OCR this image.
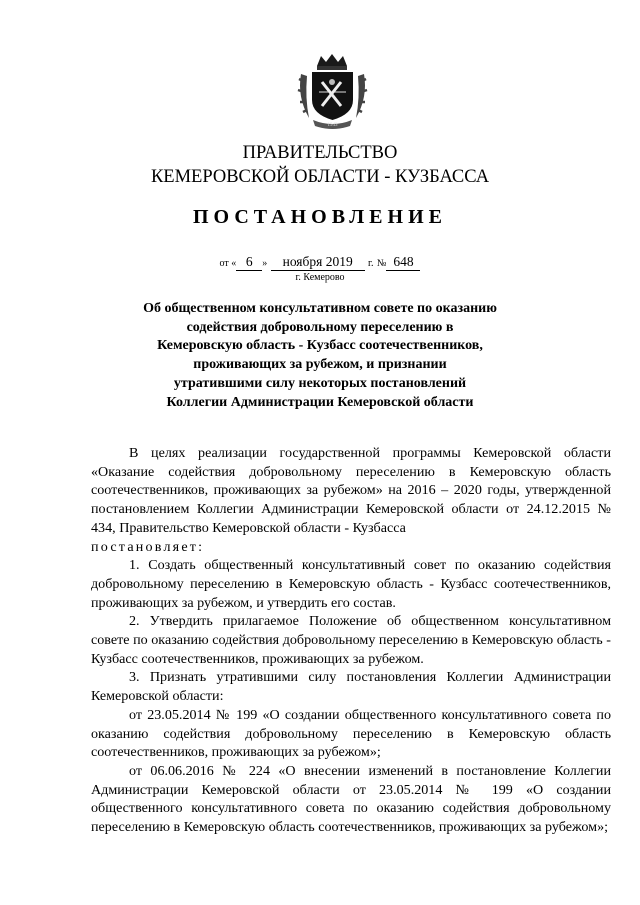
1943
ПРАВИТЕЛЬСТВО
КЕМЕРОВСКОЙ ОБЛАСТИ - КУЗБАССА
ПОСТАНОВЛЕНИЕ
от « 6 » ноября 2019 г. № 648
г. Кемерово
Об общественном консультативном совете по оказанию
содействия добровольному переселению в
Кемеровскую область - Кузбасс соотечественников,
проживающих за рубежом, и признании
утратившими силу некоторых постановлений
Коллегии Администрации Кемеровской области

В целях реализации государственной программы Кемеровской области «Оказание содействия добровольному переселению в Кемеровскую область соотечественников, проживающих за рубежом» на 2016 – 2020 годы, утвержденной постановлением Коллегии Администрации Кемеровской области от 24.12.2015 № 434, Правительство Кемеровской области - Кузбасса

постановляет:

1. Создать общественный консультативный совет по оказанию содействия добровольному переселению в Кемеровскую область - Кузбасс соотечественников, проживающих за рубежом, и утвердить его состав.

2. Утвердить прилагаемое Положение об общественном консультативном совете по оказанию содействия добровольному переселению в Кемеровскую область - Кузбасс соотечественников, проживающих за рубежом.

3. Признать утратившими силу постановления Коллегии Администрации Кемеровской области:

от 23.05.2014 № 199 «О создании общественного консультативного совета по оказанию содействия добровольному переселению в Кемеровскую область соотечественников, проживающих за рубежом»;

от 06.06.2016 № 224 «О внесении изменений в постановление Коллегии Администрации Кемеровской области от 23.05.2014 № 199 «О создании общественного консультативного совета по оказанию содействия добровольному переселению в Кемеровскую область соотечественников, проживающих за рубежом»;
